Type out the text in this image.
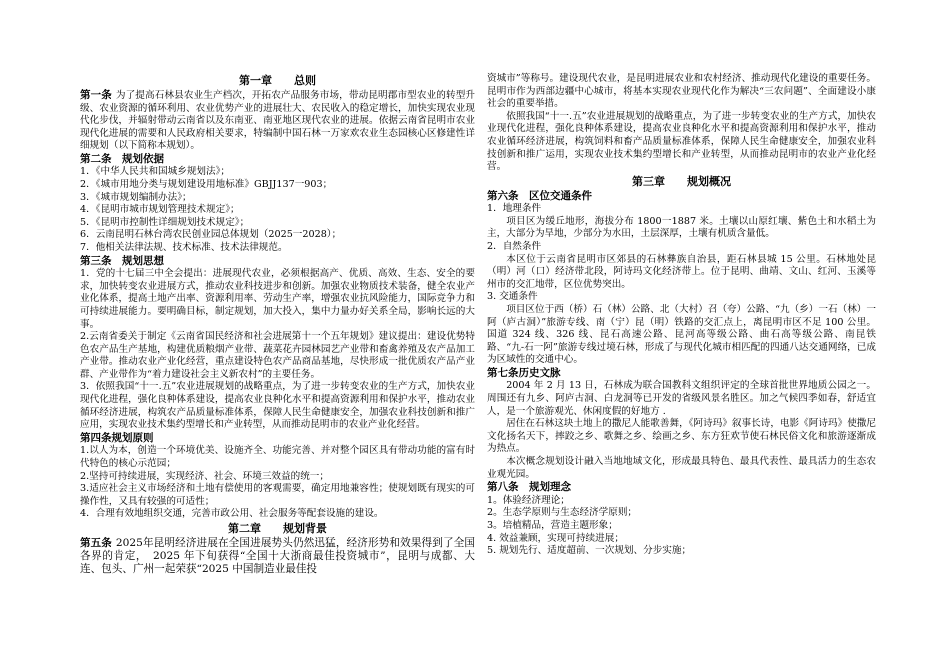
第一章　　总则

第一条 为了提高石林县农业生产档次，开拓农产品服务市场，带动昆明郡市型农业的转型升级、农业资源的循环利用、农业优势产业的进展壮大、农民收入的稳定增长，加快实现农业现代化步伐，并辐射带动云南省以及东南亚、南亚地区现代农业的进展。依据云南省昆明市农业现代化进展的需要和人民政府相关要求，特编制中国石林一万家欢农业生态园核心区修建性详细规划（以下简称本规划）。

第二条　规划依据
1．《中华人民共和国城乡规划法》；
2．《城市用地分类与规划建设用地标准》GBJJ137一903；
3．《城市规划编制办法》；
4．《昆明市城市规划管理技术规定》；
5．《昆明市控制性详细规划技术规定》；
6．云南昆明石林台湾农民创业园总体规划（2025一2028）；
7．他相关法律法规、技术标准、技术法律规范。
第三条　规划思想

1．党的十七届三中全会提出：进展现代农业，必须根据高产、优质、高效、生态、安全的要求，加快转变农业进展方式，推动农业科技进步和创新。加强农业物质技术装备，健全农业产业化体系，提高土地产出率、资源利用率、劳动生产率，增强农业抗风险能力，国际竞争力和可持续进展能力。要明确目标，制定规划，加大投入，集中力量办好关系全局，影响长远的大事。

2.云南省委关于制定《云南省国民经济和社会进展第十一个五年规划》建议提出：建设优势特色农产品生产基地，构建优质粮烟产业带、蔬菜花卉园林园艺产业带和畜禽养殖及农产品加工产业带。推动农业产业化经营，重点建设特色农产品商品基地，尽快形成一批优质农产品产业群、产业带作为“着力建设社会主义新农村”的主要任务。

3．依照我国“十一.五”农业进展规划的战略重点，为了进一步转变农业的生产方式，加快农业现代化进程，强化良种体系建设，提高农业良种化水平和提高资源利用和保护水平，推动农业循环经济进展，构筑农产品质量标准体系，保障人民生命健康安全，加强农业科技创新和推广应用，实现农业技术集约型增长和产业转型，从而推动昆明市的农业产业化经营。

第四条规划原则

1.以人为本，创造一个环境优美、设施齐全、功能完善、并对整个园区具有带动功能的富有时代特色的核心示范园；

2.坚持可持续进展，实现经济、社会、环境三效益的统一；

3.适应社会主义市场经济和土地有偿使用的客观需要，确定用地兼容性；使规划既有现实的可操作性，又具有较强的可适性；

4．合理有效地组织交通，完善市政公用、社会服务等配套设施的建设。

第二章　　规划背景

第五条 2025年昆明经济进展在全国进展势头仍然迅猛，经济形势和效果得到了全国各界的肯定，　2025 年下旬获得“全国十大浙商最佳投资城市”，昆明与成都、大连、包头、广州一起荣获“2025 中国制造业最佳投

资城市”等称号。建设现代农业，是昆明进展农业和农村经济、推动现代化建设的重要任务。昆明市作为西部边疆中心城市，将基本实现农业现代化作为解决“三农问题”、全面建设小康社会的重要举措。

依照我国“十一.五”农业进展规划的战略重点，为了进一步转变农业的生产方式，加快农业现代化进程，强化良种体系建设，提高农业良种化水平和提高资源利用和保护水平，推动农业循环经济进展，构筑饲料和畜产品质量标准体系，保障人民生命健康安全，加强农业科技创新和推广运用，实现农业技术集约型增长和产业转型，从而推动昆明市的农业产业化经营。

第三章　　规划概况
第六条　区位交通条件
1．地理条件

项目区为缓丘地形，海拔分布 1800一1887 米。土壤以山原红壤、紫色土和水稻土为主，大部分为旱地，少部分为水田，土层深厚，土壤有机质含量低。

2．自然条件

本区位于云南省昆明市区郊县的石林彝族自治县，距石林县城 15 公里。石林地处昆（明）河（口）经济带北段，阿诗玛文化经济带上。位于昆明、曲靖、文山、红河、玉溪等州市的交汇地带，区位优势突出。

3. 交通条件

项目区位于西（桥）石（林）公路、北（大村）召（夸）公路、“九（乡）一石（林）一阿（庐古洞）”旅游专线、南（宁）昆（明）铁路的交汇点上，离昆明市区不足 100 公里。国道 324 线、326 线、昆石高速公路、昆河高等级公路、曲石高等级公路、南昆铁路、“九-石一阿”旅游专线过境石林，形成了与现代化城市相匹配的四通八达交通网络，已成为区域性的交通中心。

第七条历史文脉

2004 年 2 月 13 日，石林成为联合国教科文组织评定的全球首批世界地质公园之一。周围还有九乡、阿庐古洞、白龙洞等已开发的省级风景名胜区。加之气候四季如春，舒适宜人，是一个旅游观光、休闲度假的好地方 .

居住在石林这块土地上的撒尼人能歌善舞，《阿诗玛》叙事长诗，电影《阿诗玛》使撒尼文化扬名天下，摔跤之乡、歌舞之乡、绘画之乡、东方狂欢节使石林民俗文化和旅游逐渐成为热点。

本次概念规划设计融入当地地域文化，形成最具特色、最具代表性、最具活力的生态农业观光园。

第八条　规划理念
1。体验经济理论；
2。生态学原则与生态经济学原则；
3。培植精品，营造主题形象；
4. 效益兼顾，实现可持续进展；
5. 规划先行、适度超前、一次规划、分步实施；
